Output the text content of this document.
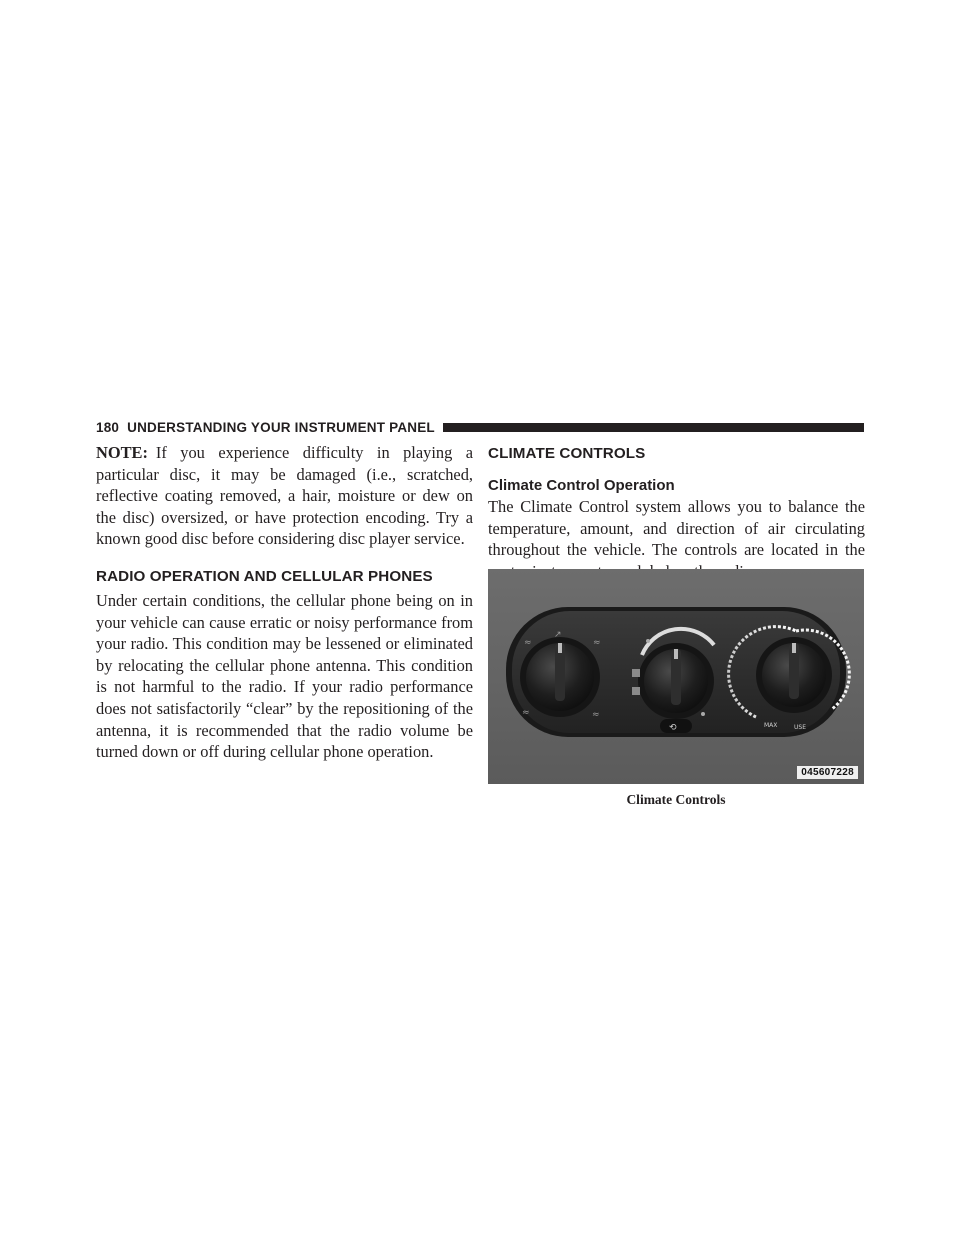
180 UNDERSTANDING YOUR INSTRUMENT PANEL

NOTE: If you experience difficulty in playing a particular disc, it may be damaged (i.e., scratched, reflective coating removed, a hair, moisture or dew on the disc) oversized, or have protection encoding. Try a known good disc before considering disc player service.

RADIO OPERATION AND CELLULAR PHONES

Under certain conditions, the cellular phone being on in your vehicle can cause erratic or noisy performance from your radio. This condition may be lessened or eliminated by relocating the cellular phone antenna. This condition is not harmful to the radio. If your radio performance does not satisfactorily “clear” by the repositioning of the antenna, it is recommended that the radio volume be turned down or off during cellular phone operation.

CLIMATE CONTROLS
Climate Control Operation

The Climate Control system allows you to balance the temperature, amount, and direction of air circulating throughout the vehicle. The controls are located in the

≈	≈
≈	≈
↗
⟲	MAX	USE
045607228
Climate Controls
